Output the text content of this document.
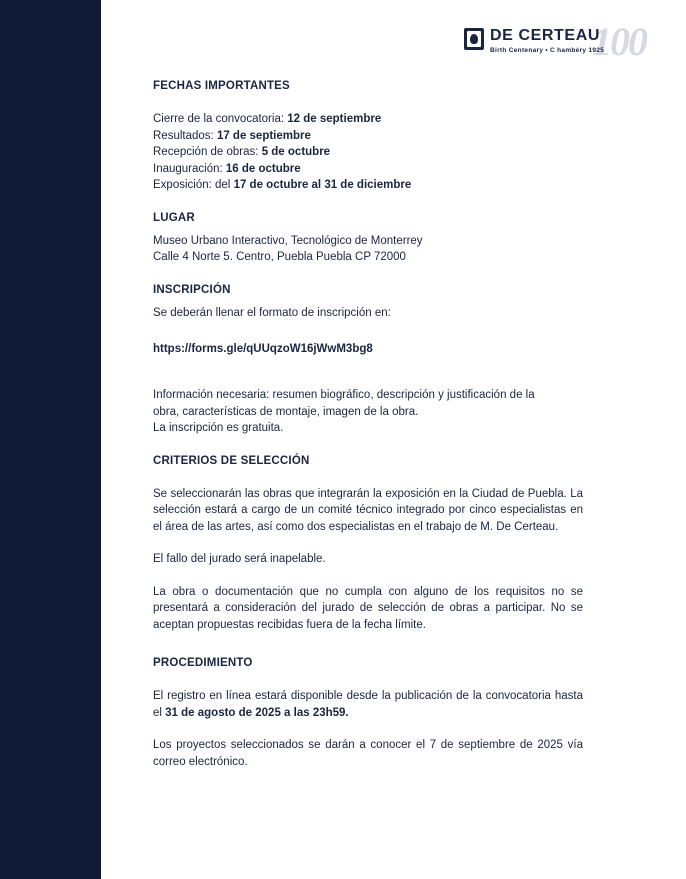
100
DE CERTEAU
Birth Centenary • C hambéry 1925
FECHAS IMPORTANTES
Cierre de la convocatoria: 12 de septiembre
Resultados: 17 de septiembre
Recepción de obras: 5 de octubre
Inauguración: 16 de octubre
Exposición: del 17 de octubre al 31 de diciembre
LUGAR
Museo Urbano Interactivo, Tecnológico de Monterrey
Calle 4 Norte 5. Centro, Puebla Puebla CP 72000
INSCRIPCIÓN
Se deberán llenar el formato de inscripción en:
https://forms.gle/qUUqzoW16jWwM3bg8
Información necesaria: resumen biográfico, descripción y justificación de la
obra, características de montaje, imagen de la obra.
La inscripción es gratuita.
CRITERIOS DE SELECCIÓN
Se seleccionarán las obras que integrarán la exposición en la Ciudad de Puebla. La selección estará a cargo de un comité técnico integrado por cinco especialistas en el área de las artes, así como dos especialistas en el trabajo de M. De Certeau.
El fallo del jurado será inapelable.
La obra o documentación que no cumpla con alguno de los requisitos no se presentará a consideración del jurado de selección de obras a participar. No se aceptan propuestas recibidas fuera de la fecha límite.
PROCEDIMIENTO
El registro en línea estará disponible desde la publicación de la convocatoria hasta el 31 de agosto de 2025 a las 23h59.
Los proyectos seleccionados se darán a conocer el 7 de septiembre de 2025 vía correo electrónico.
